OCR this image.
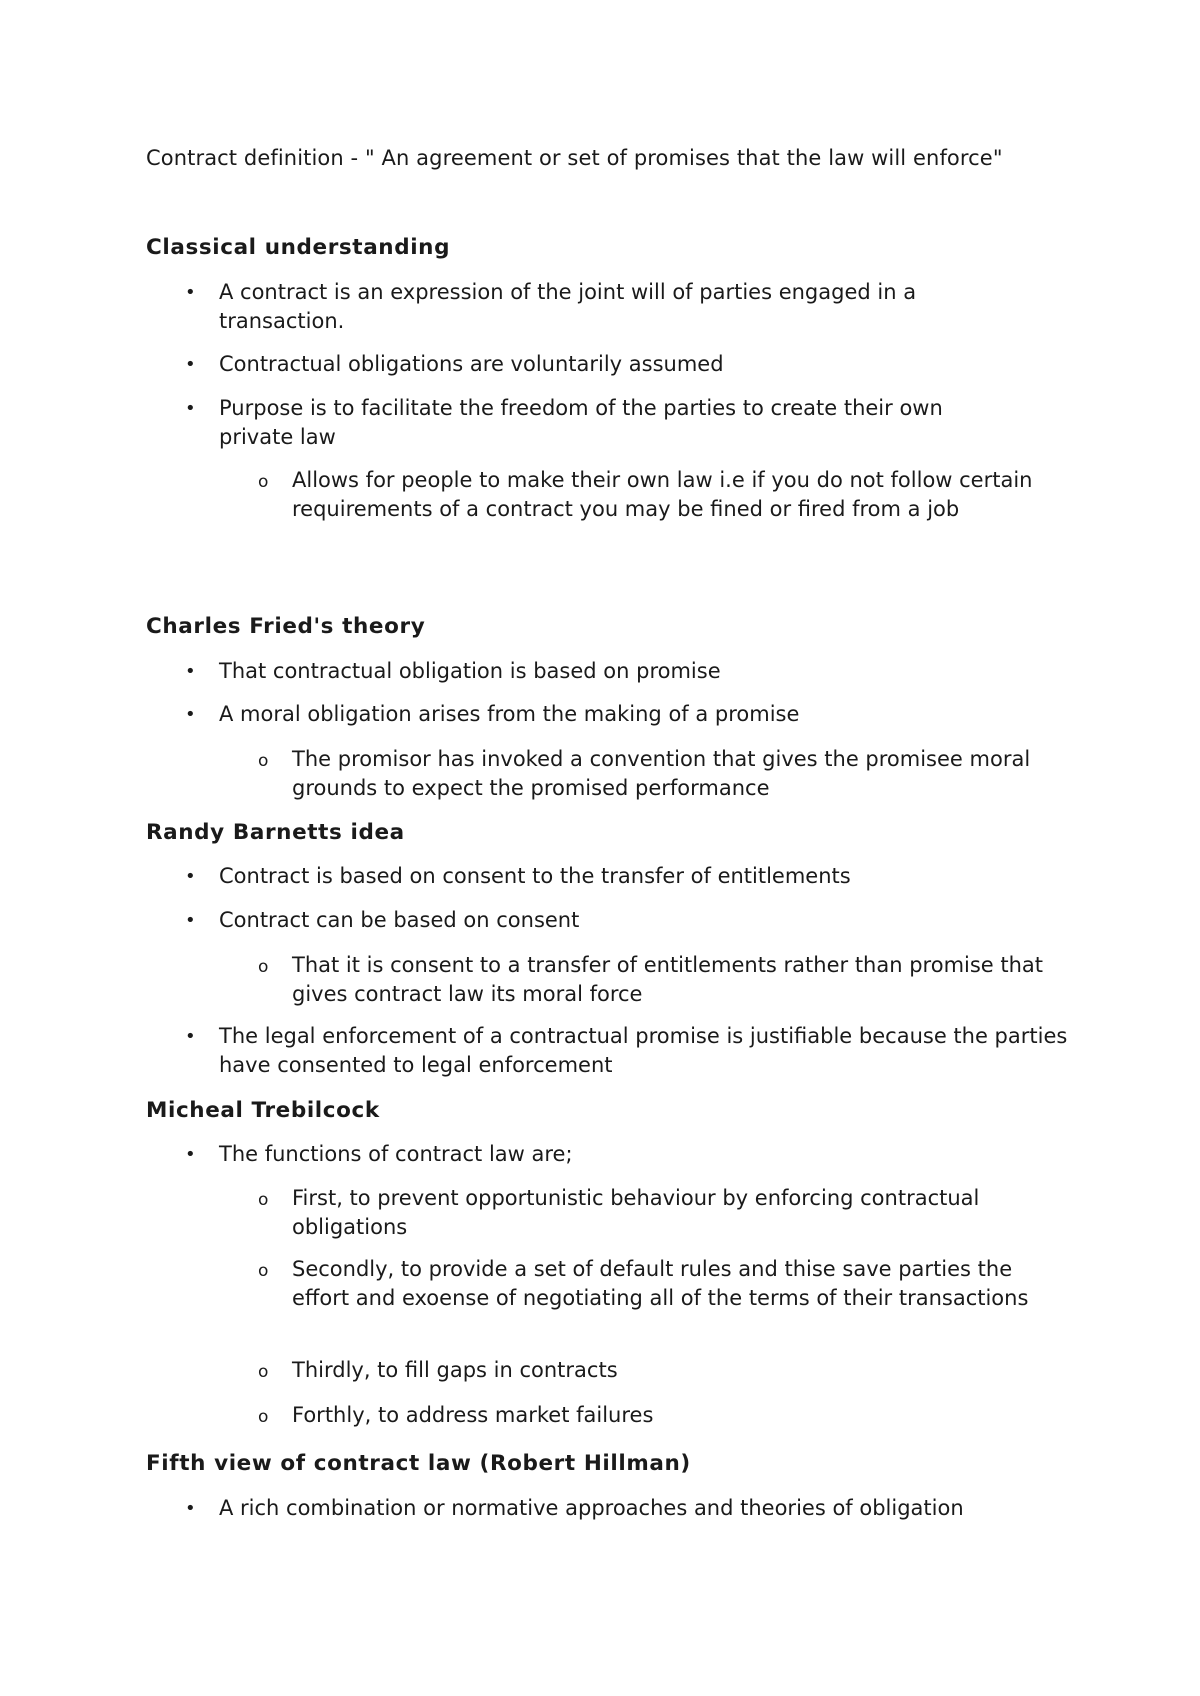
Contract definition - " An agreement or set of promises that the law will enforce"
Classical understanding
• A contract is an expression of the joint will of parties engaged in a transaction.
• Contractual obligations are voluntarily assumed
• Purpose is to facilitate the freedom of the parties to create their own private law
o Allows for people to make their own law i.e if you do not follow certain requirements of a contract you may be fined or fired from a job
Charles Fried's theory
• That contractual obligation is based on promise
• A moral obligation arises from the making of a promise
o The promisor has invoked a convention that gives the promisee moral grounds to expect the promised performance
Randy Barnetts idea
• Contract is based on consent to the transfer of entitlements
• Contract can be based on consent
o That it is consent to a transfer of entitlements rather than promise that gives contract law its moral force
• The legal enforcement of a contractual promise is justifiable because the parties have consented to legal enforcement
Micheal Trebilcock
• The functions of contract law are;
o First, to prevent opportunistic behaviour by enforcing contractual obligations
o Secondly, to provide a set of default rules and thise save parties the effort and exoense of negotiating all of the terms of their transactions
o Thirdly, to fill gaps in contracts
o Forthly, to address market failures
Fifth view of contract law (Robert Hillman)
• A rich combination or normative approaches and theories of obligation
